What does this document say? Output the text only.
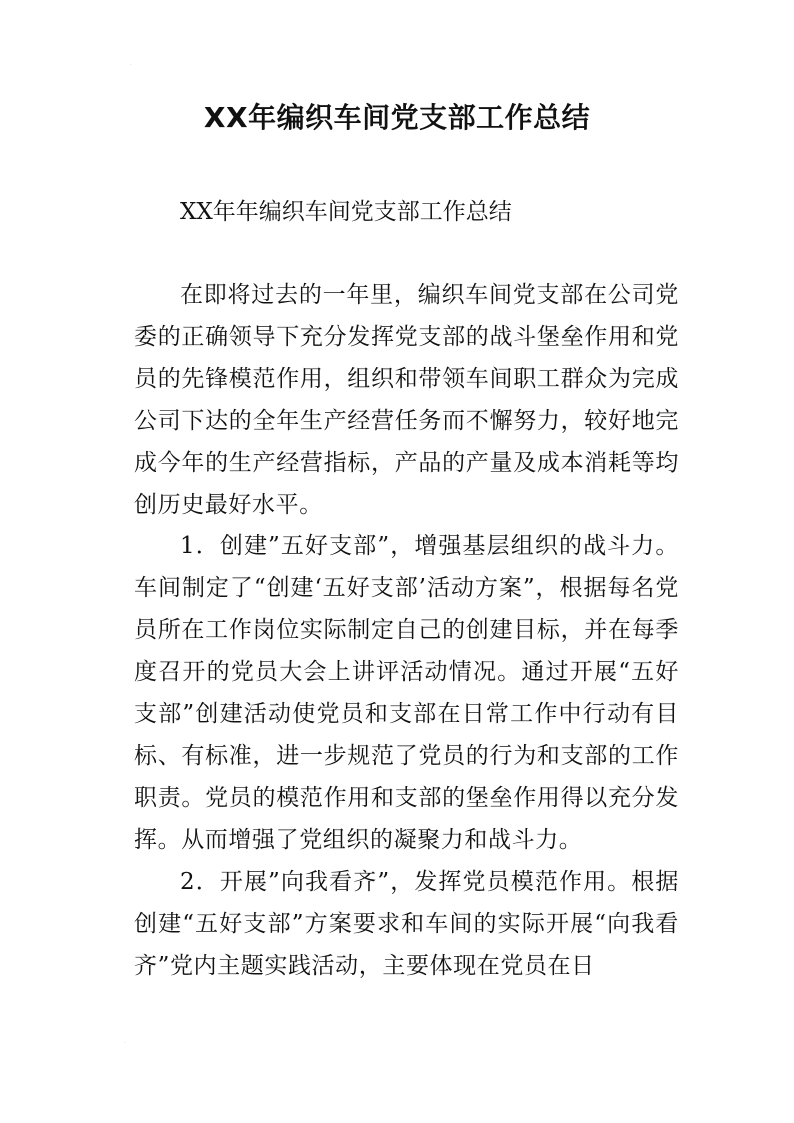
·
XX年编织车间党支部工作总结

XX年年编织车间党支部工作总结

在即将过去的一年里，编织车间党支部在公司党委的正确领导下充分发挥党支部的战斗堡垒作用和党员的先锋模范作用，组织和带领车间职工群众为完成公司下达的全年生产经营任务而不懈努力，较好地完成今年的生产经营指标，产品的产量及成本消耗等均创历史最好水平。

1．创建”五好支部”，增强基层组织的战斗力。车间制定了“创建‘五好支部’活动方案”，根据每名党员所在工作岗位实际制定自己的创建目标，并在每季度召开的党员大会上讲评活动情况。通过开展“五好支部”创建活动使党员和支部在日常工作中行动有目标、有标准，进一步规范了党员的行为和支部的工作职责。党员的模范作用和支部的堡垒作用得以充分发挥。从而增强了党组织的凝聚力和战斗力。

2．开展”向我看齐”，发挥党员模范作用。根据创建“五好支部”方案要求和车间的实际开展“向我看齐”党内主题实践活动，主要体现在党员在日

·
